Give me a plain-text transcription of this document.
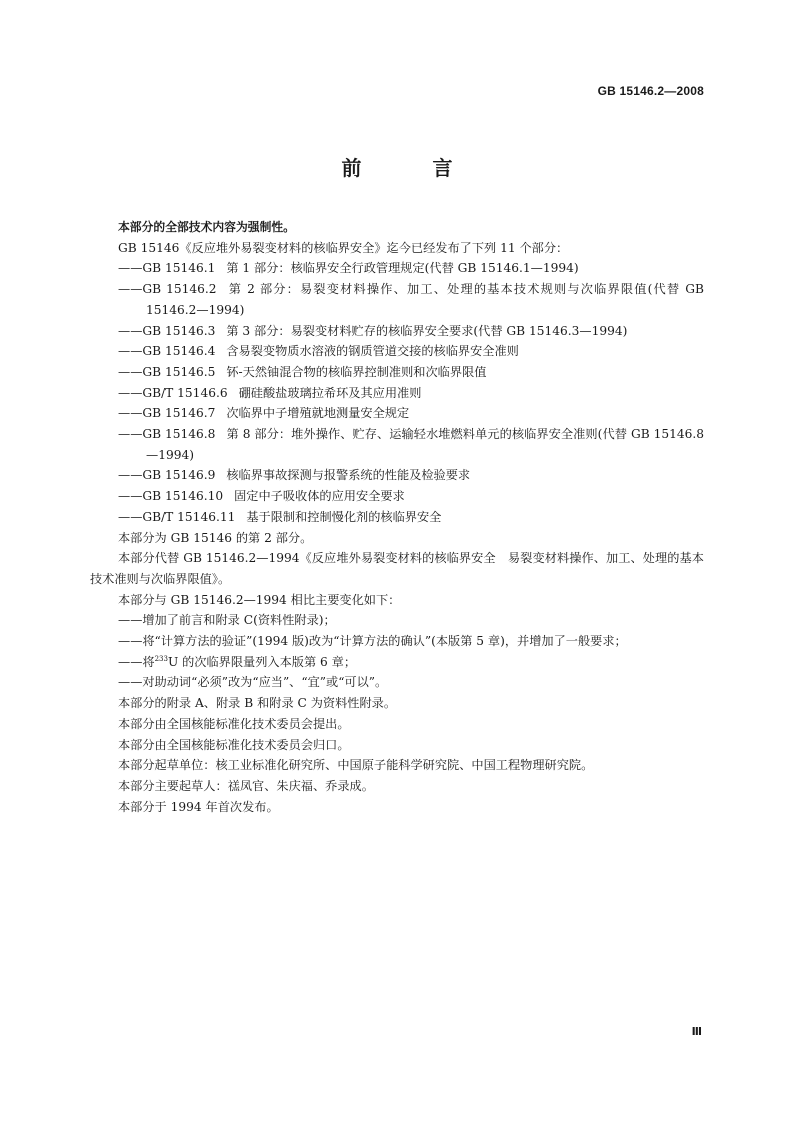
GB 15146.2—2008
前 言

本部分的全部技术内容为强制性。

GB 15146《反应堆外易裂变材料的核临界安全》迄今已经发布了下列 11 个部分：

——GB 15146.1 第 1 部分：核临界安全行政管理规定(代替 GB 15146.1—1994)

——GB 15146.2 第 2 部分：易裂变材料操作、加工、处理的基本技术规则与次临界限值(代替 GB 15146.2—1994)

——GB 15146.3 第 3 部分：易裂变材料贮存的核临界安全要求(代替 GB 15146.3—1994)

——GB 15146.4 含易裂变物质水溶液的钢质管道交接的核临界安全准则

——GB 15146.5 钚-天然铀混合物的核临界控制准则和次临界限值

——GB/T 15146.6 硼硅酸盐玻璃拉希环及其应用准则

——GB 15146.7 次临界中子增殖就地测量安全规定

——GB 15146.8 第 8 部分：堆外操作、贮存、运输轻水堆燃料单元的核临界安全准则(代替 GB 15146.8—1994)

——GB 15146.9 核临界事故探测与报警系统的性能及检验要求

——GB 15146.10 固定中子吸收体的应用安全要求

——GB/T 15146.11 基于限制和控制慢化剂的核临界安全

本部分为 GB 15146 的第 2 部分。

本部分代替 GB 15146.2—1994《反应堆外易裂变材料的核临界安全　易裂变材料操作、加工、处理的基本技术准则与次临界限值》。

本部分与 GB 15146.2—1994 相比主要变化如下：

——增加了前言和附录 C(资料性附录)；

——将“计算方法的验证”(1994 版)改为“计算方法的确认”(本版第 5 章)，并增加了一般要求；

——将$^{233}$U 的次临界限量列入本版第 6 章；

——对助动词“必须”改为“应当”、“宜”或“可以”。

本部分的附录 A、附录 B 和附录 C 为资料性附录。

本部分由全国核能标准化技术委员会提出。

本部分由全国核能标准化技术委员会归口。

本部分起草单位：核工业标准化研究所、中国原子能科学研究院、中国工程物理研究院。

本部分主要起草人：禚凤官、朱庆福、乔录成。

本部分于 1994 年首次发布。

Ⅲ
